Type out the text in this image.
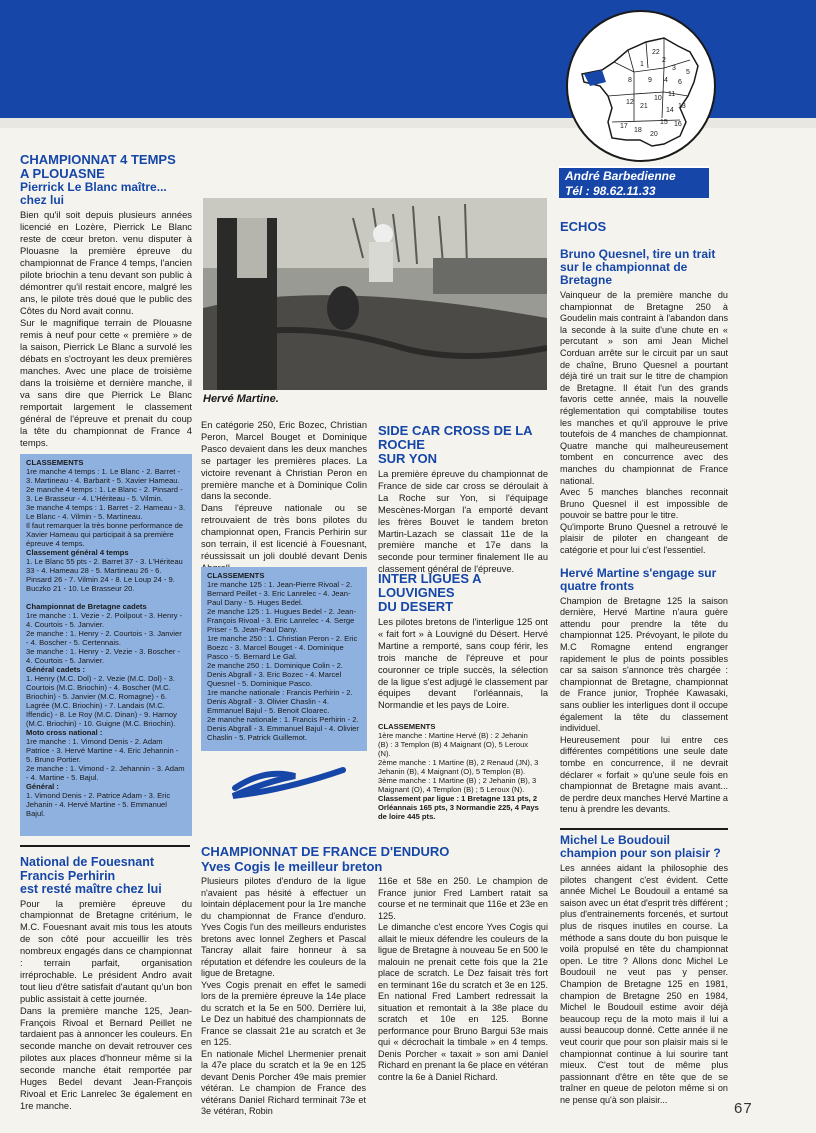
22
2
3
1
5
8 9 4 6
11
10
12
21
14
16
17
18
20
15
13
19
André Barbedienne
Tél : 98.62.11.33
CHAMPIONNAT 4 TEMPS
A PLOUASNE
Pierrick Le Blanc maître... chez lui
Bien qu'il soit depuis plusieurs années licencié en Lozère, Pierrick Le Blanc reste de cœur breton. venu disputer à Plouasne la première épreuve du championnat de France 4 temps, l'ancien pilote briochin a tenu devant son public à démontrer qu'il restait encore, malgré les ans, le pilote très doué que le public des Côtes du Nord avait connu.
Sur le magnifique terrain de Plouasne remis à neuf pour cette « première » de la saison, Pierrick Le Blanc a survolé les débats en s'octroyant les deux premières manches. Avec une place de troisième dans la troisième et dernière manche, il va sans dire que Pierrick Le Blanc remportait largement le classement général de l'épreuve et prenait du coup la tête du championnat de France 4 temps.
CLASSEMENTS
1re manche 4 temps : 1. Le Blanc - 2. Barret - 3. Martineau - 4. Barbarit - 5. Xavier Hameau.
2e manche 4 temps : 1. Le Blanc - 2. Pinsard - 3. Le Brasseur - 4. L'Hériteau - 5. Vilmin.
3e manche 4 temps : 1. Barret - 2. Hameau - 3. Le Blanc - 4. Vilmin - 5. Martineau.
Il faut remarquer la très bonne performance de Xavier Hameau qui participait à sa première épreuve 4 temps.
Classement général 4 temps
1. Le Blanc 55 pts - 2. Barret 37 - 3. L'Hériteau 33 - 4. Hameau 28 - 5. Martineau 26 - 6. Pinsard 26 - 7. Vilmin 24 - 8. Le Loup 24 - 9. Buczko 21 - 10. Le Brasseur 20.

Championnat de Bretagne cadets
1re manche : 1. Vezie - 2. Poilpout - 3. Henry - 4. Courtois - 5. Janvier.
2e manche : 1. Henry - 2. Courtois - 3. Janvier - 4. Boscher - 5. Certennais.
3e manche : 1. Henry - 2. Vezie - 3. Boscher - 4. Courtois - 5. Janvier.
Général cadets :
1. Henry (M.C. Dol) - 2. Vezie (M.C. Dol) - 3. Courtois (M.C. Briochin) - 4. Boscher (M.C. Briochin) - 5. Janvier (M.C. Romagne) - 6. Lagrée (M.C. Briochin) - 7. Landais (M.C. Iffendic) - 8. Le Roy (M.C. Dinan) - 9. Harnoy (M.C. Briochin) - 10. Guigne (M.C. Briochin).
Moto cross national :
1re manche : 1. Vimond Denis - 2. Adam Patrice - 3. Hervé Martine - 4. Eric Jehannin - 5. Bruno Portier.
2e manche : 1. Vimond - 2. Jehannin - 3. Adam - 4. Martine - 5. Bajul.
Général :
1. Vimond Denis - 2. Patrice Adam - 3. Eric Jehanin - 4. Hervé Martine - 5. Emmanuel Bajul.
National de Fouesnant
Francis Perhirin
est resté maître chez lui
Pour la première épreuve du championnat de Bretagne critérium, le M.C. Fouesnant avait mis tous les atouts de son côté pour accueillir les très nombreux engagés dans ce championnat : terrain parfait, organisation irréprochable. Le président Andro avait tout lieu d'être satisfait d'autant qu'un bon public assistait à cette journée.
Dans la première manche 125, Jean-François Rivoal et Bernard Peillet ne tardaient pas à annoncer les couleurs. En seconde manche on devait retrouver ces pilotes aux places d'honneur même si la seconde manche était remportée par Huges Bedel devant Jean-François Rivoal et Eric Lanrelec 3e également en 1re manche.
Hervé Martine.
En catégorie 250, Eric Bozec, Christian Peron, Marcel Bouget et Dominique Pasco devaient dans les deux manches se partager les premières places. La victoire revenant à Christian Peron en première manche et à Dominique Colin dans la seconde.
Dans l'épreuve nationale ou se retrouvaient de très bons pilotes du championnat open, Francis Perhirin sur son terrain, il est licencié à Fouesnant, réussissait un joli doublé devant Denis
CLASSEMENTS
1re manche 125 : 1. Jean-Pierre Rivoal - 2. Bernard Peillet - 3. Eric Lanrelec - 4. Jean-Paul Dany - 5. Huges Bedel.
2e manche 125 : 1. Hugues Bedel - 2. Jean-François Rivoal - 3. Eric Lanrelec - 4. Serge Priser - 5. Jean-Paul Dany.
1re manche 250 : 1. Christian Peron - 2. Eric Boezc - 3. Marcel Bouget - 4. Dominique Pasco - 5. Bernard Le Gal.
2e manche 250 : 1. Dominique Colin - 2. Denis Abgrall - 3. Eric Bozec - 4. Marcel Quesnel - 5. Dominique Pasco.
1re manche nationale : Francis Perhirin - 2. Denis Abgrall - 3. Olivier Chaslin - 4. Emmanuel Bajul - 5. Benoit Cloarec.
2e manche nationale : 1. Francis Perhirin - 2. Denis Abgrall - 3. Emmanuel Bajul - 4. Olivier Chaslin - 5. Patrick Guillemot.
SIDE CAR CROSS DE LA ROCHE
SUR YON
La première épreuve du championnat de France de side car cross se déroulait à La Roche sur Yon, si l'équipage Mescènes-Morgan l'a emporté devant les frères Bouvet le tandem breton Martin-Lazach se classait 11e de la première manche et 17e dans la seconde pour terminer finalement IIe au classement général de l'épreuve.
INTER LIGUES A LOUVIGNES
DU DESERT
Les pilotes bretons de l'interligue 125 ont « fait fort » à Louvigné du Désert. Hervé Martine a remporté, sans coup férir, les trois manche de l'épreuve et pour couronner ce triple succès, la sélection de la ligue s'est adjugé le classement par équipes devant l'orléannais, la Normandie et les pays de Loire.
CLASSEMENTS
1ère manche : Martine Hervé (B) : 2 Jehanin (B) : 3 Templon (B) 4 Maignant (O), 5 Leroux (N).
2ème manche : 1 Martine (B), 2 Renaud (JN), 3 Jehanin (B), 4 Maignant (O), 5 Templon (B).
3ème manche : 1 Martine (B) ; 2 Jehanin (B), 3 Maignant (O), 4 Templon (B) ; 5 Leroux (N).
Classement par ligue : 1 Bretagne 131 pts, 2 Orléannais 165 pts, 3 Normandie 225, 4 Pays de loire 445 pts.
ECHOS
Bruno Quesnel, tire un trait sur le championnat de Bretagne
Vainqueur de la première manche du championnat de Bretagne 250 à Goudelin mais contraint à l'abandon dans la seconde à la suite d'une chute en « percutant » son ami Jean Michel Corduan arrête sur le circuit par un saut de chaîne, Bruno Quesnel a pourtant déjà tiré un trait sur le titre de champion de Bretagne. Il était l'un des grands favoris cette année, mais la nouvelle réglementation qui comptabilise toutes les manches et qu'il approuve le prive toutefois de 4 manches de championnat. Quatre manche qui malheureusement tombent en concurrence avec des manches du championnat de France national.
Avec 5 manches blanches reconnait Bruno Quesnel il est impossible de pouvoir se battre pour le titre.
Qu'importe Bruno Quesnel a retrouvé le plaisir de piloter en changeant de catégorie et pour lui c'est l'essentiel.
Hervé Martine s'engage sur quatre fronts
Champion de Bretagne 125 la saison dernière, Hervé Martine n'aura guère attendu pour prendre la tête du championnat 125. Prévoyant, le pilote du M.C Romagne entend engranger rapidement le plus de points possibles car sa saison s'annonce très chargée : championnat de Bretagne, championnat de France junior, Trophée Kawasaki, sans oublier les interligues dont il occupe également la tête du classement individuel.
Heureusement pour lui entre ces différentes compétitions une seule date tombe en concurrence, il ne devrait déclarer « forfait » qu'une seule fois en championnat de Bretagne mais avant... de perdre deux manches Hervé Martine a tenu à prendre les devants.
Michel Le Boudouil champion pour son plaisir ?
Les années aidant la philosophie des pilotes changent c'est évident. Cette année Michel Le Boudouil a entamé sa saison avec un état d'esprit très différent ; plus d'entrainements forcenés, et surtout plus de risques inutiles en course. La méthode a sans doute du bon puisque le voilà propulsé en tête du championnat open. Le titre ? Allons donc Michel Le Boudouil ne veut pas y penser. Champion de Bretagne 125 en 1981, champion de Bretagne 250 en 1984, Michel le Boudouil estime avoir déjà beaucoup reçu de la moto mais il lui a aussi beaucoup donné. Cette année il ne veut courir que pour son plaisir mais si le championnat continue à lui sourire tant mieux. C'est tout de même plus passionnant d'être en tête que de se traîner en queue de peloton même si on ne pense qu'à son plaisir...
CHAMPIONNAT DE FRANCE D'ENDURO
Yves Cogis le meilleur breton
Plusieurs pilotes d'enduro de la ligue n'avaient pas hésité à effectuer un lointain déplacement pour la 1re manche du championnat de France d'enduro. Yves Cogis l'un des meilleurs enduristes bretons avec Ionnel Zeghers et Pascal Tancray allait faire honneur à sa réputation et défendre les couleurs de la ligue de Bretagne.
Yves Cogis prenait en effet le samedi lors de la première épreuve la 14e place du scratch et la 5e en 500. Derrière lui, Le Dez un habitué des championnats de France se classait 21e au scratch et 3e en 125.
En nationale Michel Lhermenier prenait la 47e place du scratch et la 9e en 125 devant Denis Porcher 49e mais premier vétéran. Le champion de France des vétérans Daniel Richard terminait 73e et 3e vétéran, Robin
116e et 58e en 250. Le champion de France junior Fred Lambert ratait sa course et ne terminait que 116e et 23e en 125.
Le dimanche c'est encore Yves Cogis qui allait le mieux défendre les couleurs de la ligue de Bretagne à nouveau 5e en 500 le malouin ne prenait cette fois que la 21e place de scratch. Le Dez faisait très fort en terminant 16e du scratch et 3e en 125. En national Fred Lambert redressait la situation et remontait à la 38e place du scratch et 10e en 125. Bonne performance pour Bruno Bargui 53e mais qui « décrochait la timbale » en 4 temps. Denis Porcher « taxait » son ami Daniel Richard en prenant la 6e place en vétéran contre la 6e à Daniel Richard.
67
